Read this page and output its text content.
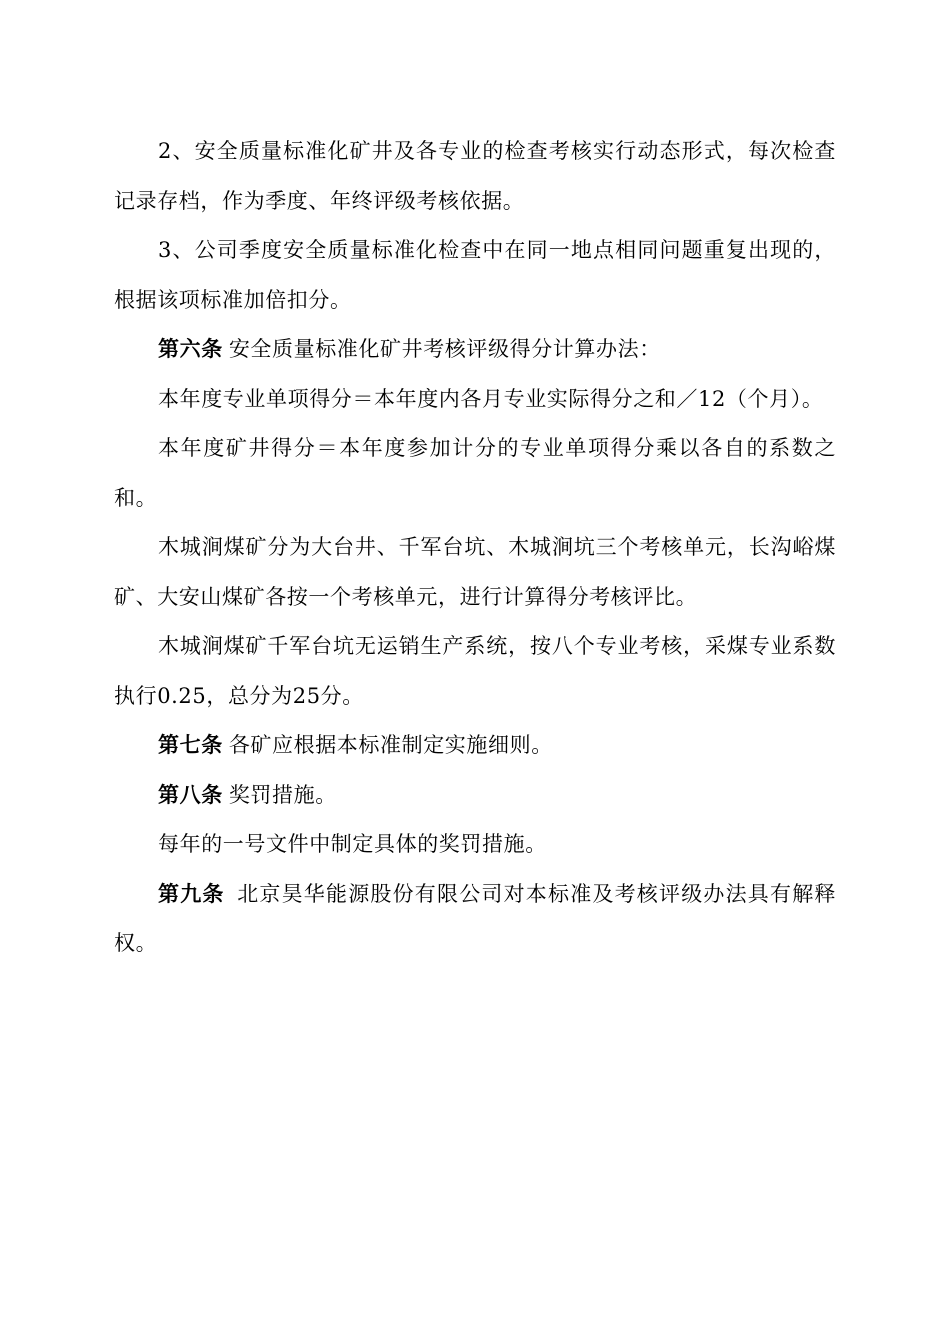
2、安全质量标准化矿井及各专业的检查考核实行动态形式，每次检查记录存档，作为季度、年终评级考核依据。

3、公司季度安全质量标准化检查中在同一地点相同问题重复出现的，根据该项标准加倍扣分。

第六条 安全质量标准化矿井考核评级得分计算办法：

本年度专业单项得分＝本年度内各月专业实际得分之和／12（个月）。

本年度矿井得分＝本年度参加计分的专业单项得分乘以各自的系数之和。

木城涧煤矿分为大台井、千军台坑、木城涧坑三个考核单元，长沟峪煤矿、大安山煤矿各按一个考核单元，进行计算得分考核评比。

木城涧煤矿千军台坑无运销生产系统，按八个专业考核，采煤专业系数执行0.25，总分为25分。

第七条 各矿应根据本标准制定实施细则。

第八条 奖罚措施。

每年的一号文件中制定具体的奖罚措施。

第九条 北京昊华能源股份有限公司对本标准及考核评级办法具有解释权。
